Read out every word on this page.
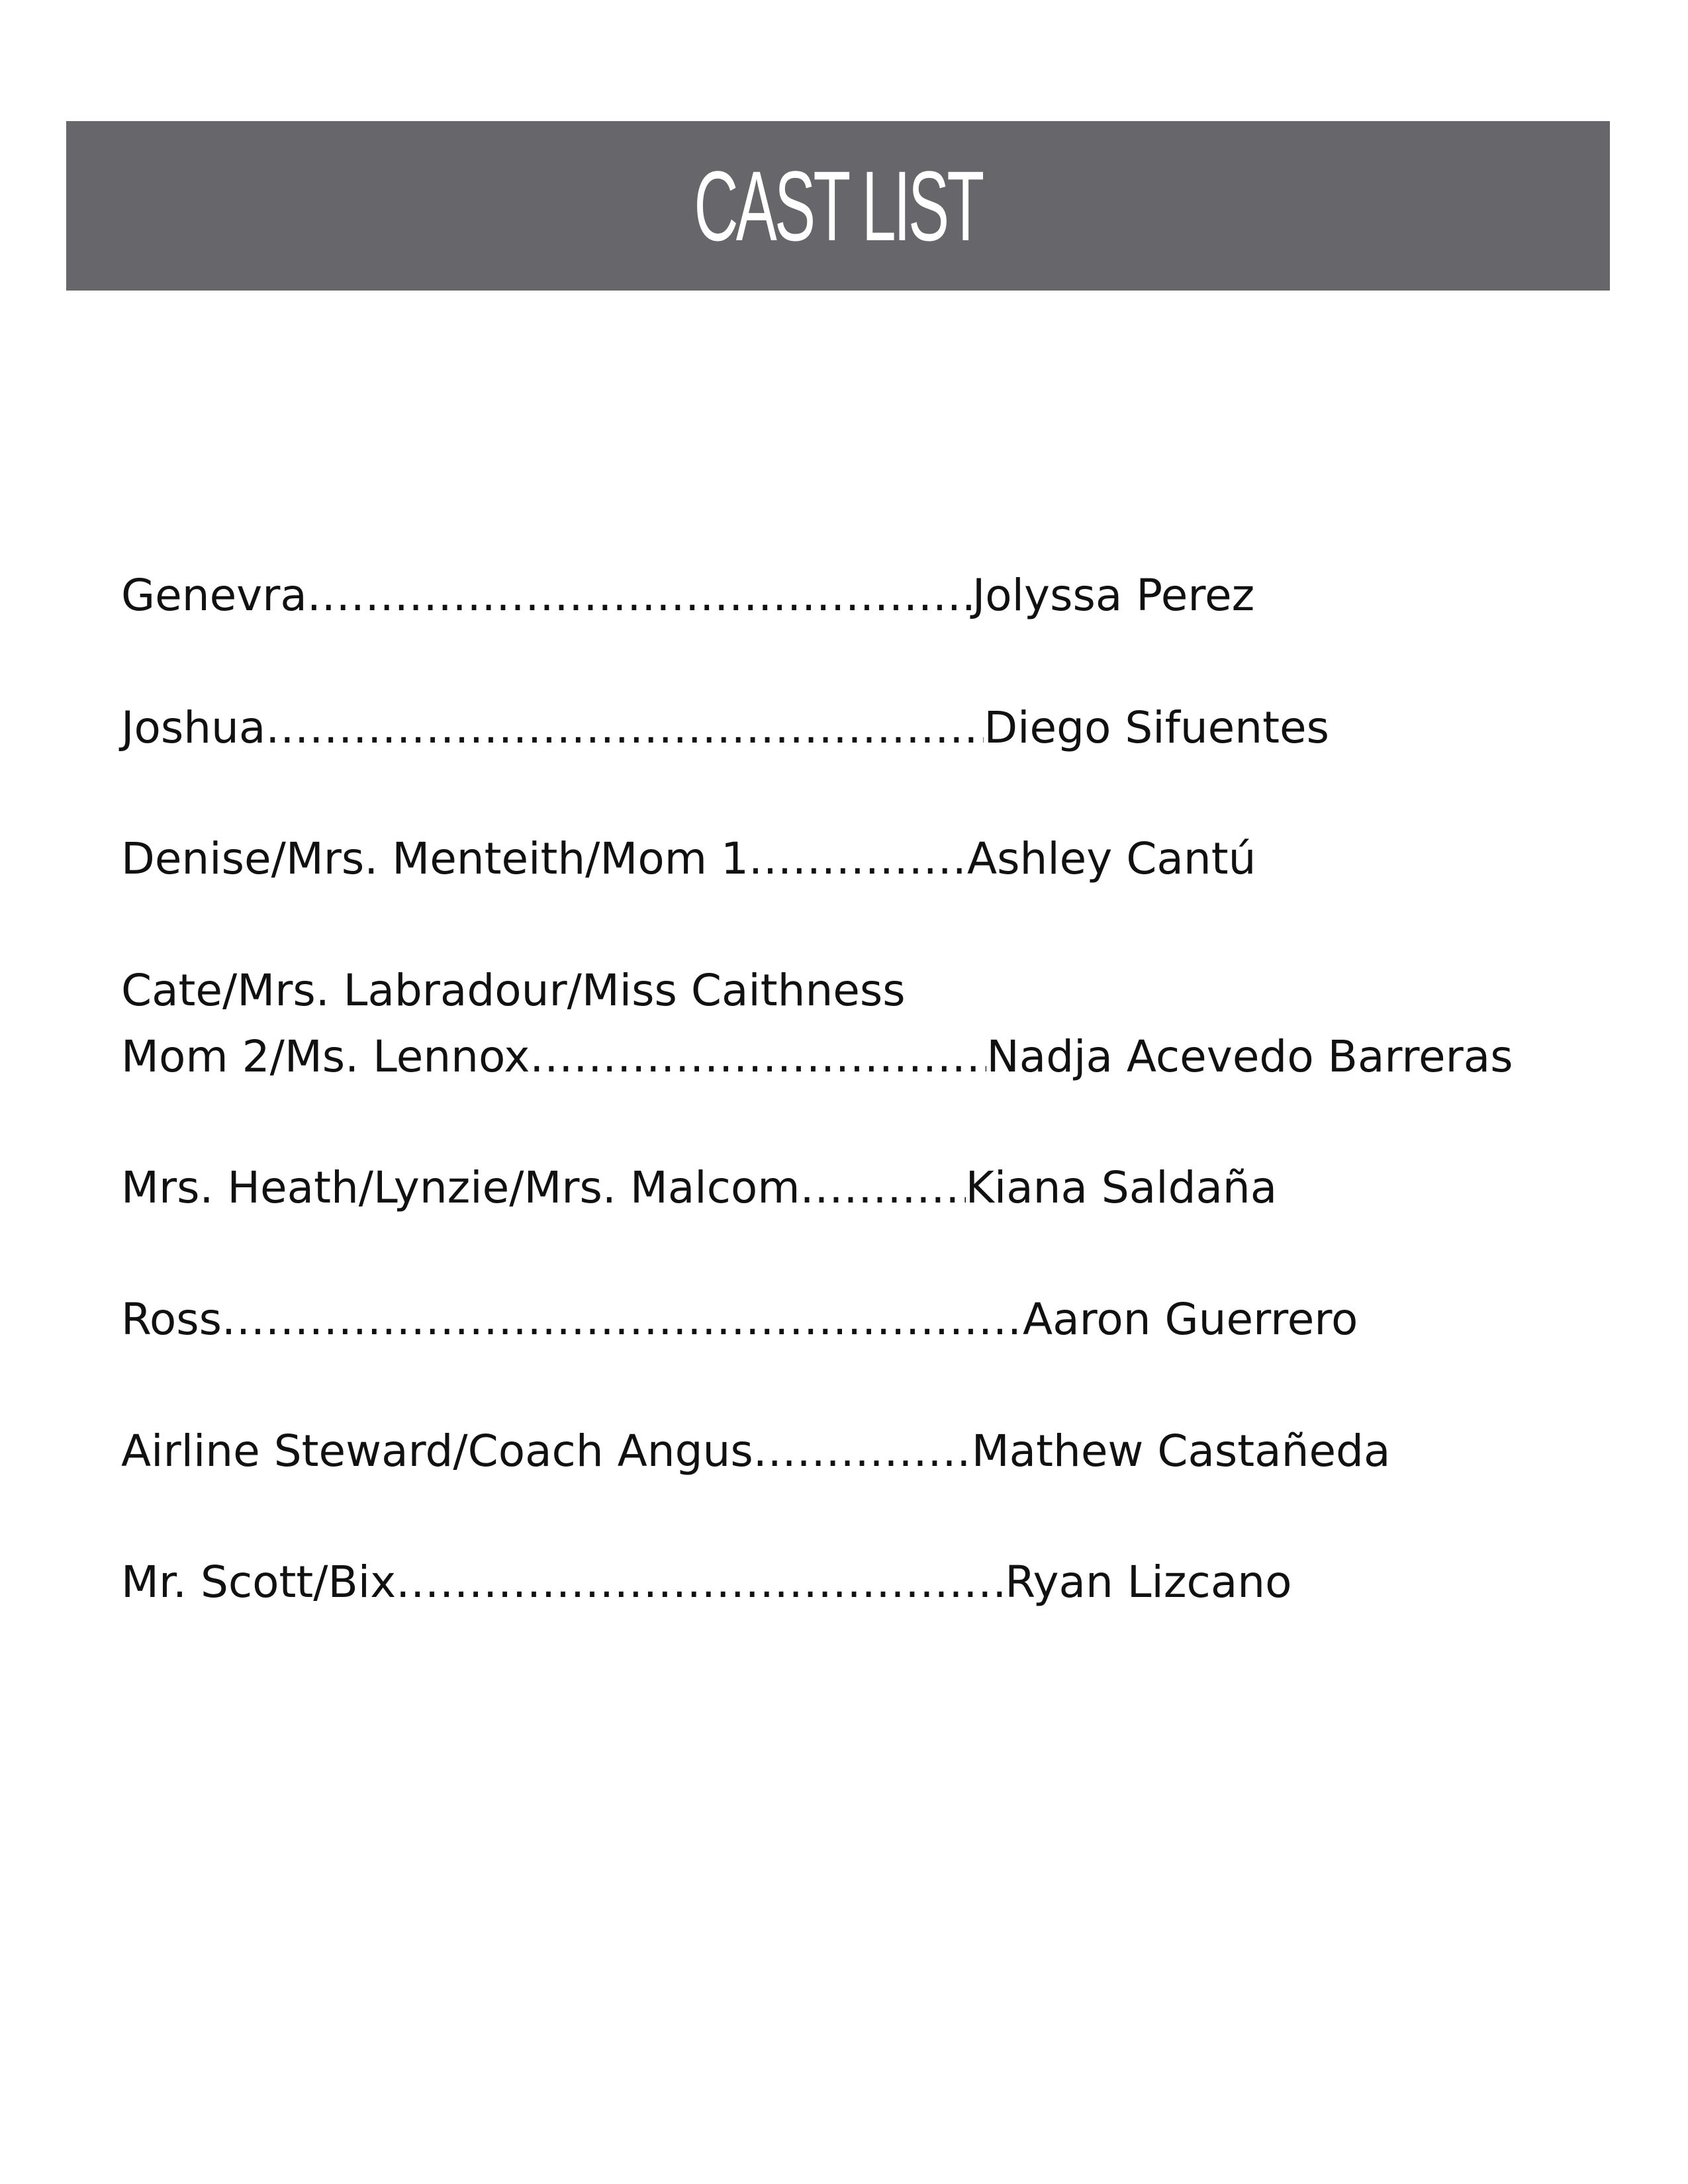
CAST LIST
Genevra .....	Jolyssa Perez
Joshua .....	Diego Sifuentes
Denise/Mrs. Menteith/Mom 1 .....	Ashley Cantú
Cate/Mrs. Labradour/Miss Caithness
Mom 2/Ms. Lennox .....	Nadja Acevedo Barreras
Mrs. Heath/Lynzie/Mrs. Malcom .....	Kiana Saldaña
Ross .....	Aaron Guerrero
Airline Steward/Coach Angus .....	Mathew Castañeda
Mr. Scott/Bix .....	Ryan Lizcano
